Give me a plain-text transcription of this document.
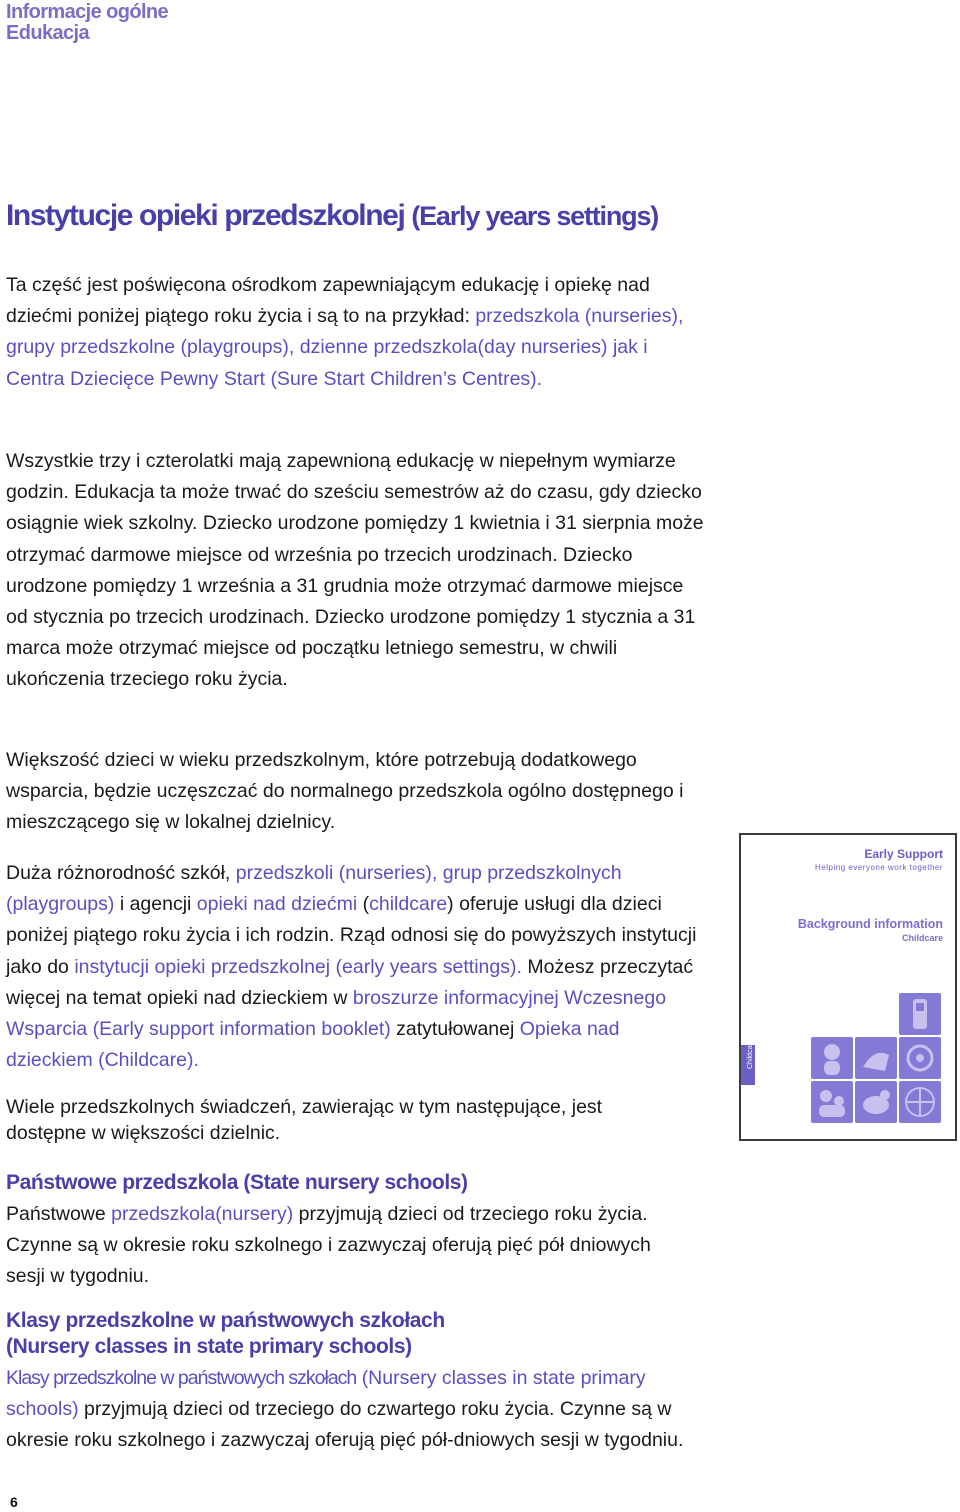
Informacje ogólne
Edukacja
Instytucje opieki przedszkolnej (Early years settings)

Ta część jest poświęcona ośrodkom zapewniającym edukację i opiekę nad dziećmi poniżej piątego roku życia i są to na przykład: przedszkola (nurseries), grupy przedszkolne (playgroups), dzienne przedszkola(day nurseries) jak i Centra Dziecięce Pewny Start (Sure Start Children’s Centres).

Wszystkie trzy i czterolatki mają zapewnioną edukację w niepełnym wymiarze godzin. Edukacja ta może trwać do sześciu semestrów aż do czasu, gdy dziecko osiągnie wiek szkolny. Dziecko urodzone pomiędzy 1 kwietnia i 31 sierpnia może otrzymać darmowe miejsce od września po trzecich urodzinach. Dziecko urodzone pomiędzy 1 września a 31 grudnia może otrzymać darmowe miejsce od stycznia po trzecich urodzinach. Dziecko urodzone pomiędzy 1 stycznia a 31 marca może otrzymać miejsce od początku letniego semestru, w chwili ukończenia trzeciego roku życia.

Większość dzieci w wieku przedszkolnym, które potrzebują dodatkowego wsparcia, będzie uczęszczać do normalnego przedszkola ogólno dostępnego i mieszczącego się w lokalnej dzielnicy.

Duża różnorodność szkół, przedszkoli (nurseries), grup przedszkolnych (playgroups) i agencji opieki nad dziećmi (childcare) oferuje usługi dla dzieci poniżej piątego roku życia i ich rodzin. Rząd odnosi się do powyższych instytucji jako do instytucji opieki przedszkolnej (early years settings). Możesz przeczytać więcej na temat opieki nad dzieckiem w broszurze informacyjnej Wczesnego Wsparcia (Early support information booklet) zatytułowanej Opieka nad dzieckiem (Childcare).

Wiele przedszkolnych świadczeń, zawierając w tym następujące, jest dostępne w większości dzielnic.

Państwowe przedszkola (State nursery schools)

Państwowe przedszkola(nursery) przyjmują dzieci od trzeciego roku życia. Czynne są w okresie roku szkolnego i zazwyczaj oferują pięć pół dniowych sesji w tygodniu.

Klasy przedszkolne w państwowych szkołach
(Nursery classes in state primary schools)

Klasy przedszkolne w państwowych szkołach (Nursery classes in state primary schools) przyjmują dzieci od trzeciego do czwartego roku życia. Czynne są w okresie roku szkolnego i zazwyczaj oferują pięć pół-dniowych sesji w tygodniu.

Early Support
Helping everyone work together
Background information
Childcare
Childcare
6
